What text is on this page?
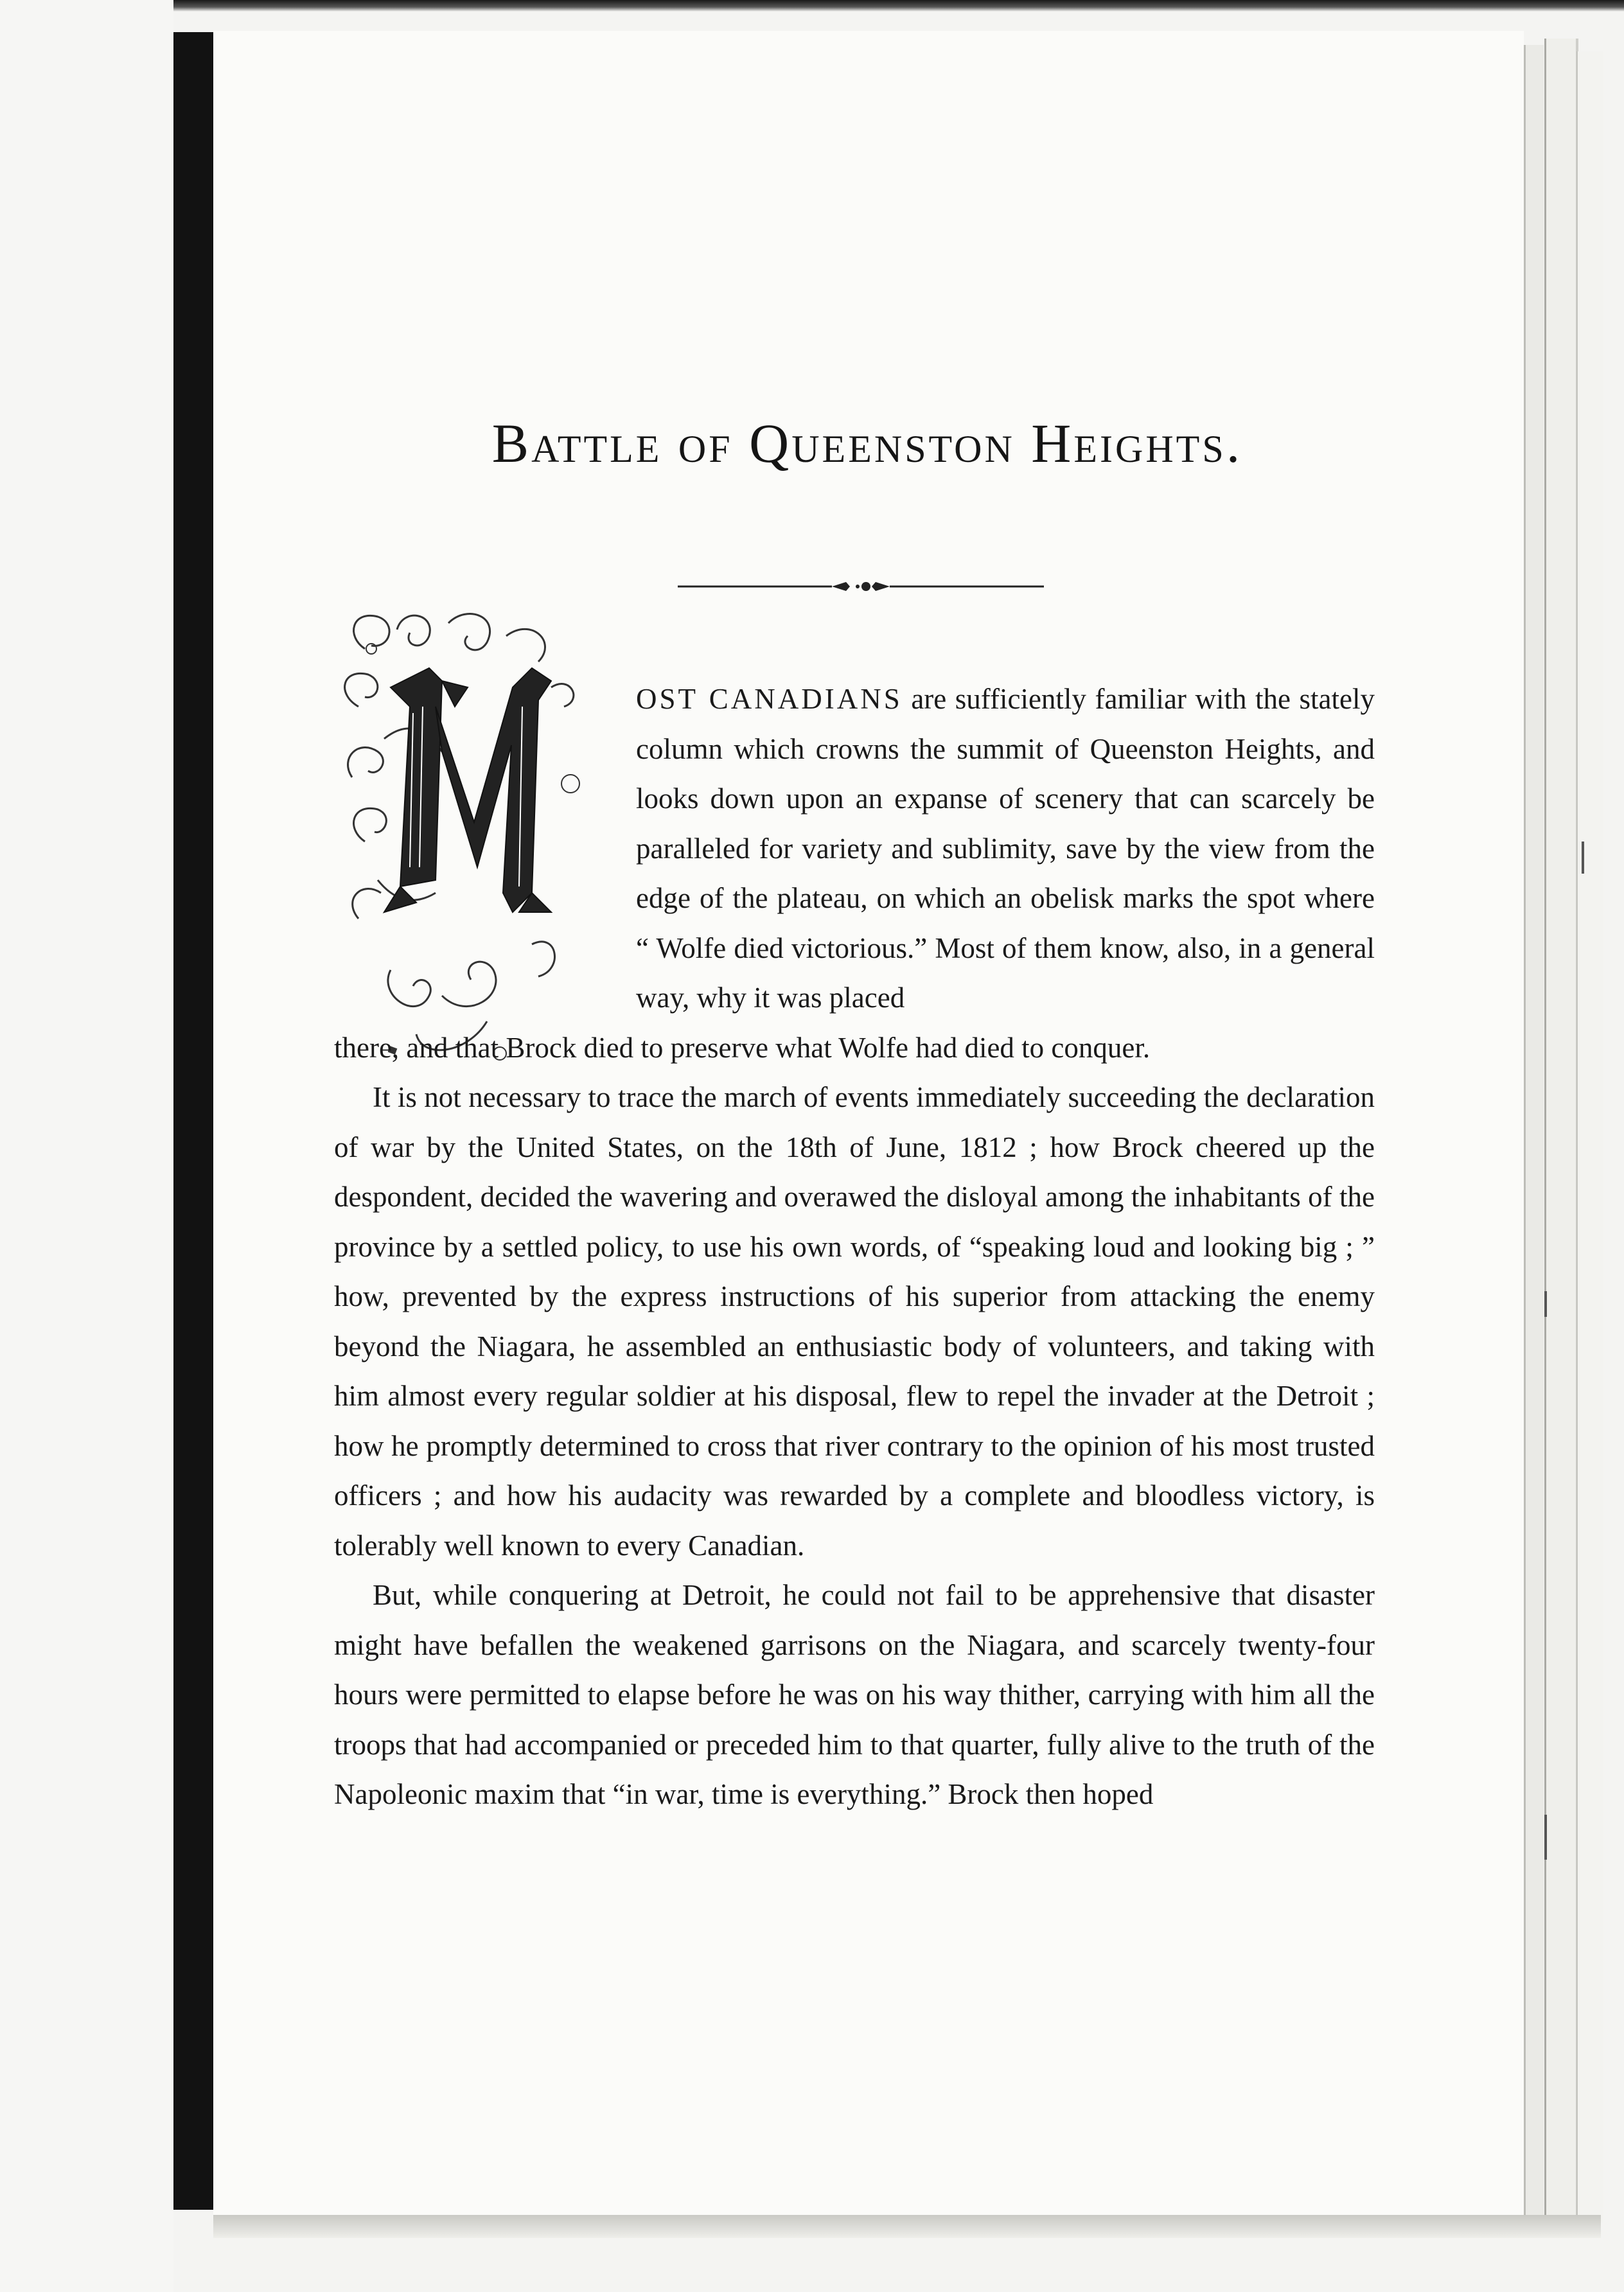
Battle of Queenston Heights.

OST CANADIANS are sufficiently familiar with the stately column which crowns the summit of Queenston Heights, and looks down upon an expanse of scenery that can scarcely be paralleled for variety and sublimity, save by the view from the edge of the plateau, on which an obelisk marks the spot where “ Wolfe died victorious.” Most of them know, also, in a general way, why it was placed

there, and that Brock died to preserve what Wolfe had died to conquer.

It is not necessary to trace the march of events immediately succeeding the declaration of war by the United States, on the 18th of June, 1812 ; how Brock cheered up the despondent, decided the wavering and overawed the disloyal among the inhabitants of the province by a settled policy, to use his own words, of “speaking loud and looking big ; ” how, prevented by the express instructions of his superior from attacking the enemy beyond the Niagara, he assembled an enthusiastic body of volunteers, and taking with him almost every regular soldier at his disposal, flew to repel the invader at the Detroit ; how he promptly determined to cross that river contrary to the opinion of his most trusted officers ; and how his audacity was rewarded by a complete and bloodless victory, is tolerably well known to every Canadian.

But, while conquering at Detroit, he could not fail to be apprehensive that disaster might have befallen the weakened garrisons on the Niagara, and scarcely twenty-four hours were permitted to elapse before he was on his way thither, carrying with him all the troops that had accompanied or preceded him to that quarter, fully alive to the truth of the Napoleonic maxim that “in war, time is everything.” Brock then hoped
